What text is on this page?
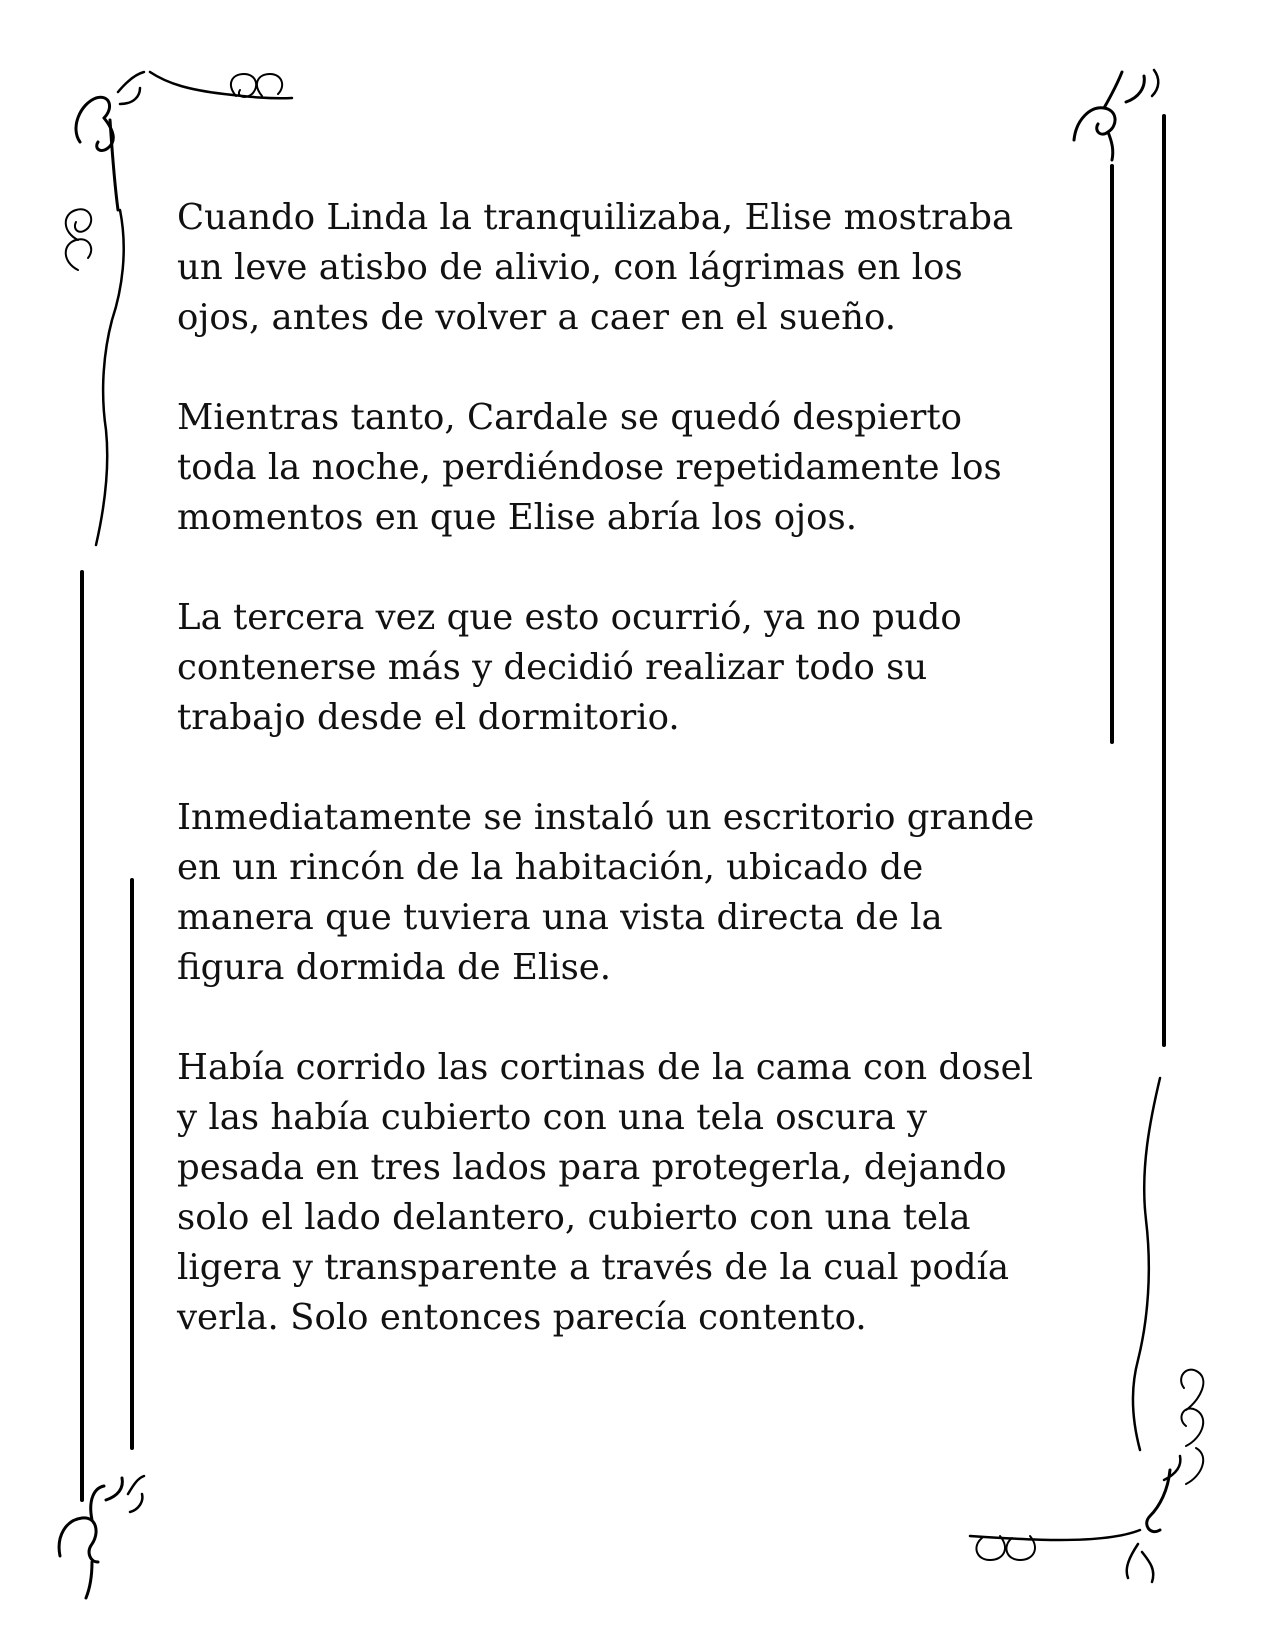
Cuando Linda la tranquilizaba, Elise mostraba
un leve atisbo de alivio, con lágrimas en los
ojos, antes de volver a caer en el sueño.

Mientras tanto, Cardale se quedó despierto
toda la noche, perdiéndose repetidamente los
momentos en que Elise abría los ojos.

La tercera vez que esto ocurrió, ya no pudo
contenerse más y decidió realizar todo su
trabajo desde el dormitorio.

Inmediatamente se instaló un escritorio grande
en un rincón de la habitación, ubicado de
manera que tuviera una vista directa de la
figura dormida de Elise.

Había corrido las cortinas de la cama con dosel
y las había cubierto con una tela oscura y
pesada en tres lados para protegerla, dejando
solo el lado delantero, cubierto con una tela
ligera y transparente a través de la cual podía
verla. Solo entonces parecía contento.
